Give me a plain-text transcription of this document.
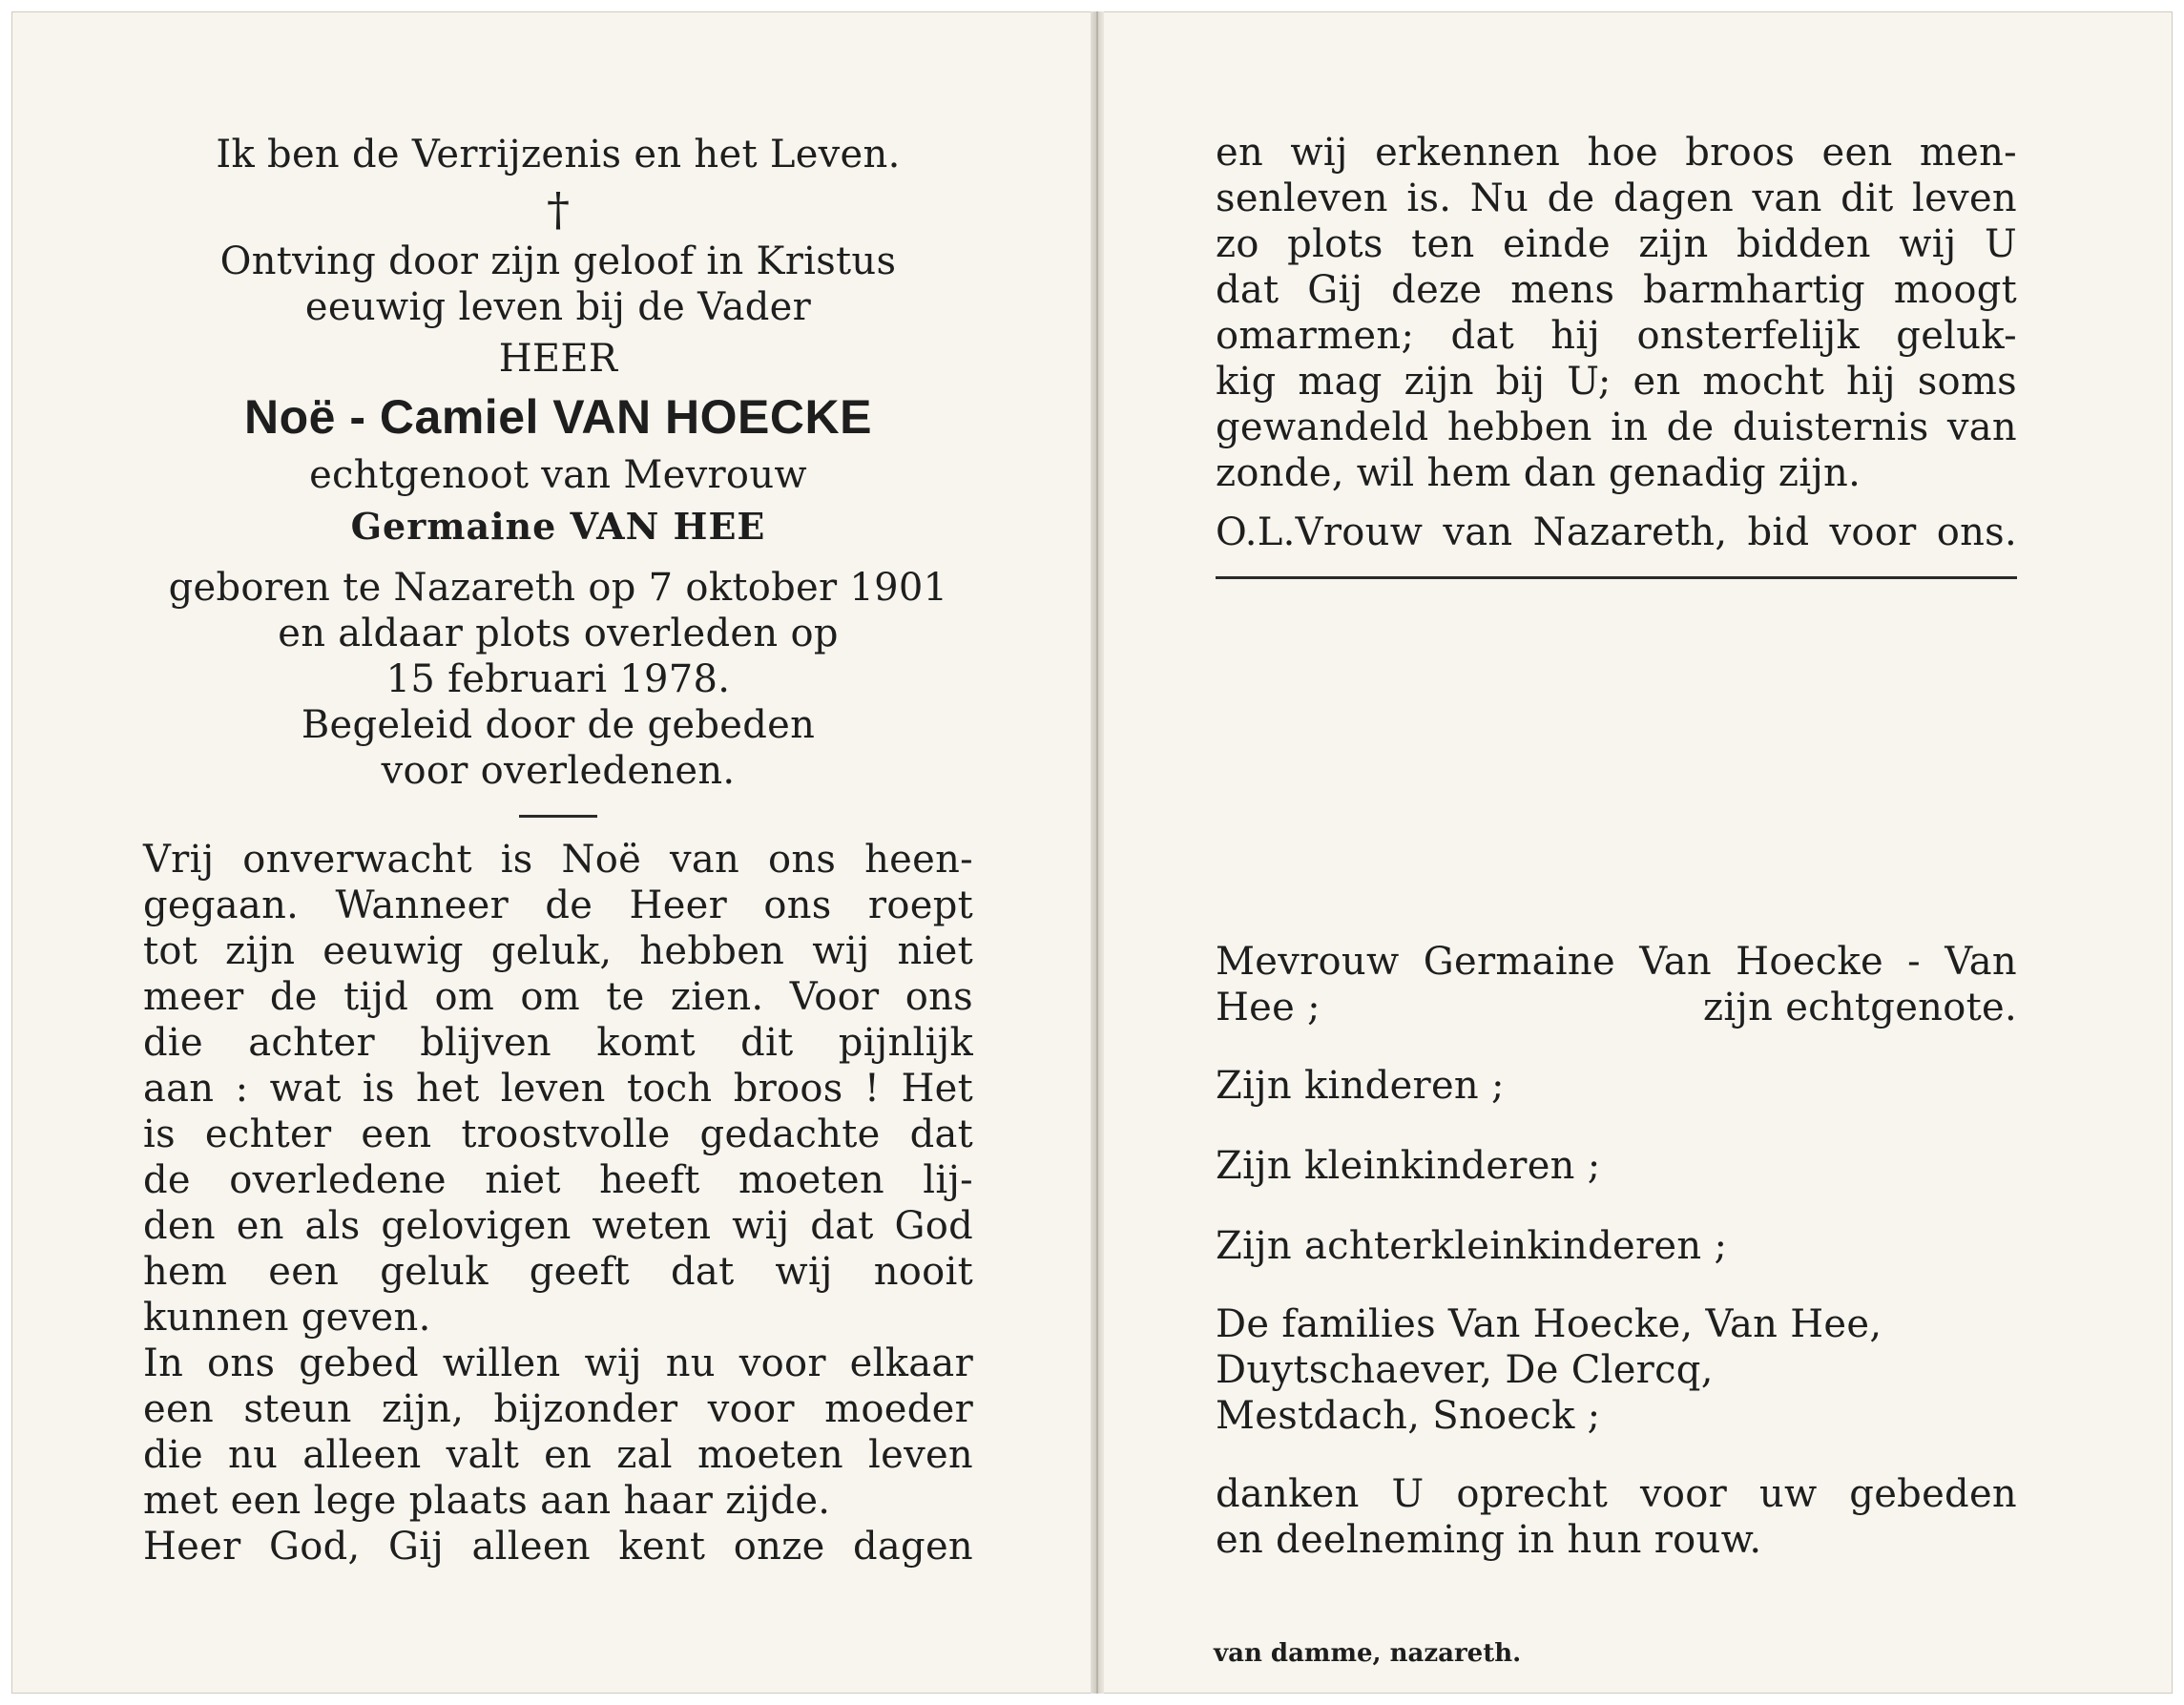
Ik ben de Verrijzenis en het Leven.

†

Ontving door zijn geloof in Kristus

eeuwig leven bij de Vader

HEER

Noë - Camiel VAN HOECKE

echtgenoot van Mevrouw

Germaine VAN HEE

geboren te Nazareth op 7 oktober 1901

en aldaar plots overleden op

15 februari 1978.

Begeleid door de gebeden

voor overledenen.

Vrij onverwacht is Noë van ons heen-

gegaan. Wanneer de Heer ons roept

tot zijn eeuwig geluk, hebben wij niet

meer de tijd om om te zien. Voor ons

die achter blijven komt dit pijnlijk

aan : wat is het leven toch broos ! Het

is echter een troostvolle gedachte dat

de overledene niet heeft moeten lij-

den en als gelovigen weten wij dat God

hem een geluk geeft dat wij nooit

kunnen geven.

In ons gebed willen wij nu voor elkaar

een steun zijn, bijzonder voor moeder

die nu alleen valt en zal moeten leven

met een lege plaats aan haar zijde.

Heer God, Gij alleen kent onze dagen

en wij erkennen hoe broos een men-

senleven is. Nu de dagen van dit leven

zo plots ten einde zijn bidden wij U

dat Gij deze mens barmhartig moogt

omarmen; dat hij onsterfelijk geluk-

kig mag zijn bij U; en mocht hij soms

gewandeld hebben in de duisternis van

zonde, wil hem dan genadig zijn.

O.L.Vrouw van Nazareth, bid voor ons.

Mevrouw Germaine Van Hoecke - Van

Hee ;	zijn echtgenote.

Zijn kinderen ;

Zijn kleinkinderen ;

Zijn achterkleinkinderen ;

De families Van Hoecke, Van Hee,

Duytschaever, De Clercq,

Mestdach, Snoeck ;

danken U oprecht voor uw gebeden

en deelneming in hun rouw.

van damme, nazareth.
